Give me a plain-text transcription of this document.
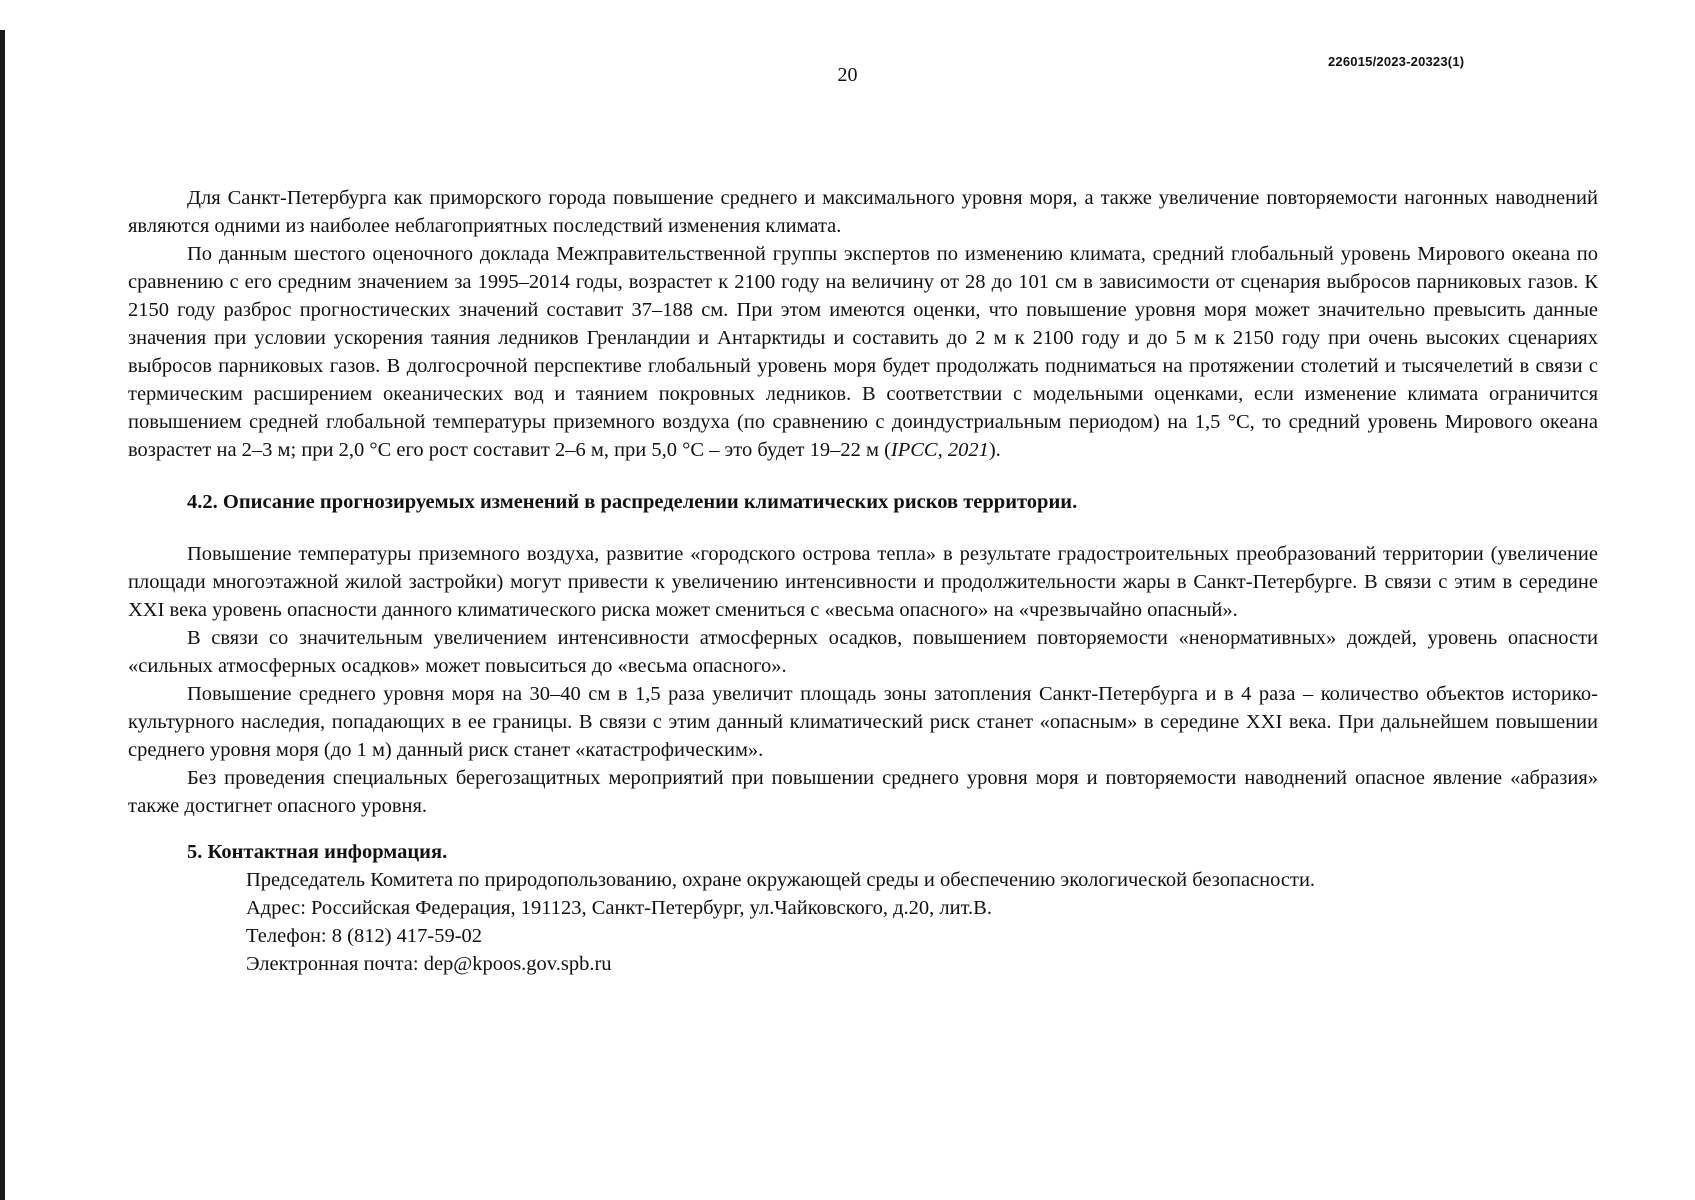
20
226015/2023-20323(1)

Для Санкт-Петербурга как приморского города повышение среднего и максимального уровня моря, а также увеличение повторяемости нагонных наводнений являются одними из наиболее неблагоприятных последствий изменения климата.

По данным шестого оценочного доклада Межправительственной группы экспертов по изменению климата, средний глобальный уровень Мирового океана по сравнению с его средним значением за 1995–2014 годы, возрастет к 2100 году на величину от 28 до 101 см в зависимости от сценария выбросов парниковых газов. К 2150 году разброс прогностических значений составит 37–188 см. При этом имеются оценки, что повышение уровня моря может значительно превысить данные значения при условии ускорения таяния ледников Гренландии и Антарктиды и составить до 2 м к 2100 году и до 5 м к 2150 году при очень высоких сценариях выбросов парниковых газов. В долгосрочной перспективе глобальный уровень моря будет продолжать подниматься на протяжении столетий и тысячелетий в связи с термическим расширением океанических вод и таянием покровных ледников. В соответствии с модельными оценками, если изменение климата ограничится повышением средней глобальной температуры приземного воздуха (по сравнению с доиндустриальным периодом) на 1,5 °С, то средний уровень Мирового океана возрастет на 2–3 м; при 2,0 °С его рост составит 2–6 м, при 5,0 °С – это будет 19–22 м (IPCC, 2021).

4.2. Описание прогнозируемых изменений в распределении климатических рисков территории.

Повышение температуры приземного воздуха, развитие «городского острова тепла» в результате градостроительных преобразований территории (увеличение площади многоэтажной жилой застройки) могут привести к увеличению интенсивности и продолжительности жары в Санкт-Петербурге. В связи с этим в середине XXI века уровень опасности данного климатического риска может смениться с «весьма опасного» на «чрезвычайно опасный».

В связи со значительным увеличением интенсивности атмосферных осадков, повышением повторяемости «ненормативных» дождей, уровень опасности «сильных атмосферных осадков» может повыситься до «весьма опасного».

Повышение среднего уровня моря на 30–40 см в 1,5 раза увеличит площадь зоны затопления Санкт-Петербурга и в 4 раза – количество объектов историко-культурного наследия, попадающих в ее границы. В связи с этим данный климатический риск станет «опасным» в середине XXI века. При дальнейшем повышении среднего уровня моря (до 1 м) данный риск станет «катастрофическим».

Без проведения специальных берегозащитных мероприятий при повышении среднего уровня моря и повторяемости наводнений опасное явление «абразия» также достигнет опасного уровня.

5. Контактная информация.

Председатель Комитета по природопользованию, охране окружающей среды и обеспечению экологической безопасности.

Адрес: Российская Федерация, 191123, Санкт-Петербург, ул.Чайковского, д.20, лит.В.

Телефон: 8 (812) 417-59-02

Электронная почта: dep@kpoos.gov.spb.ru
